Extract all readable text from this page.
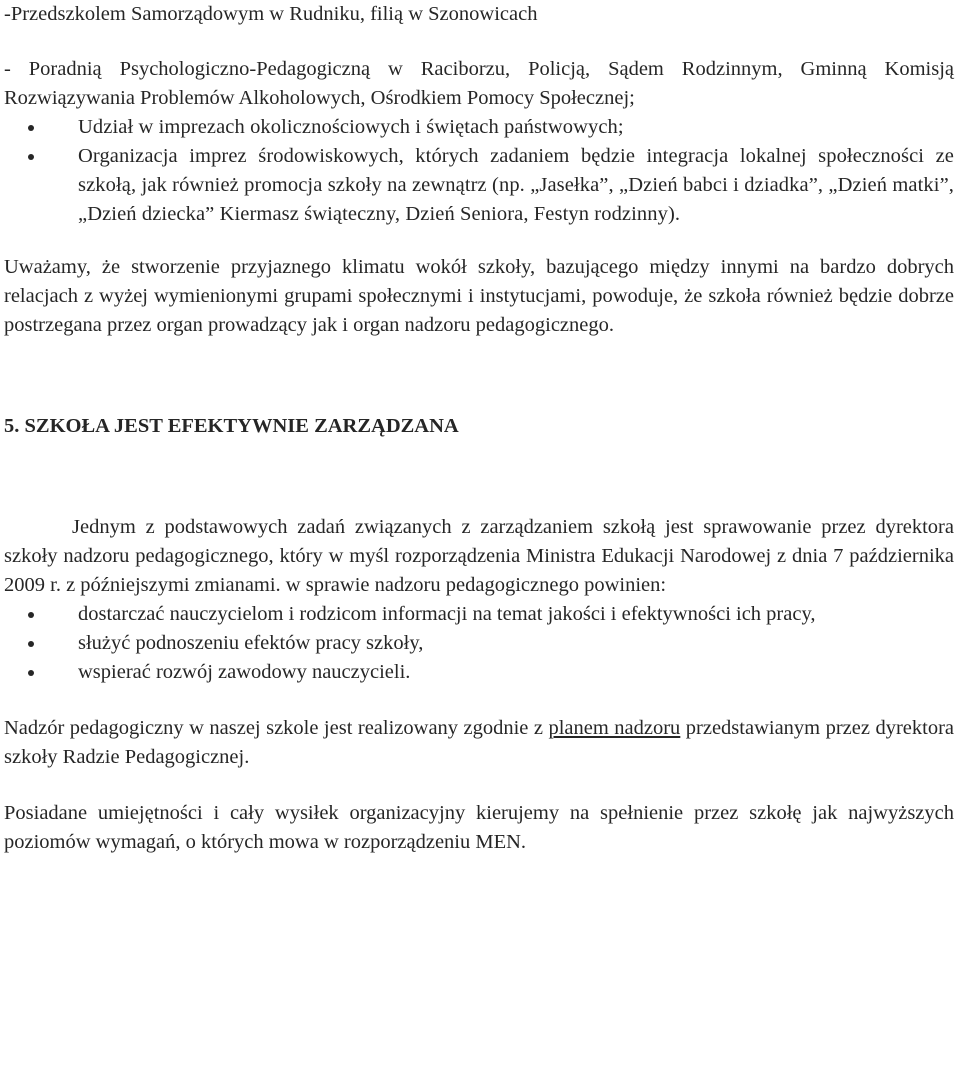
-Przedszkolem Samorządowym w Rudniku, filią w Szonowicach

- Poradnią Psychologiczno-Pedagogiczną w Raciborzu, Policją, Sądem Rodzinnym, Gminną Komisją Rozwiązywania Problemów Alkoholowych, Ośrodkiem Pomocy Społecznej;

Udział w imprezach okolicznościowych i świętach państwowych;
Organizacja imprez środowiskowych, których zadaniem będzie integracja lokalnej społeczności ze szkołą, jak również promocja szkoły na zewnątrz (np. „Jasełka”, „Dzień babci i dziadka”, „Dzień matki”, „Dzień dziecka” Kiermasz świąteczny, Dzień Seniora, Festyn rodzinny).

Uważamy, że stworzenie przyjaznego klimatu wokół szkoły, bazującego między innymi na bardzo dobrych relacjach z wyżej wymienionymi grupami społecznymi i instytucjami, powoduje, że szkoła również będzie dobrze postrzegana przez organ prowadzący jak i organ nadzoru pedagogicznego.

5. SZKOŁA JEST EFEKTYWNIE ZARZĄDZANA

Jednym z podstawowych zadań związanych z zarządzaniem szkołą jest sprawowanie przez dyrektora szkoły nadzoru pedagogicznego, który w myśl rozporządzenia Ministra Edukacji Narodowej z dnia 7 października 2009 r. z późniejszymi zmianami. w sprawie nadzoru pedagogicznego powinien:

dostarczać nauczycielom i rodzicom informacji na temat jakości i efektywności ich pracy,
służyć podnoszeniu efektów pracy szkoły,
wspierać rozwój zawodowy nauczycieli.

Nadzór pedagogiczny w naszej szkole jest realizowany zgodnie z planem nadzoru przedstawianym przez dyrektora szkoły Radzie Pedagogicznej.

Posiadane umiejętności i cały wysiłek organizacyjny kierujemy na spełnienie przez szkołę jak najwyższych poziomów wymagań, o których mowa w rozporządzeniu MEN.
